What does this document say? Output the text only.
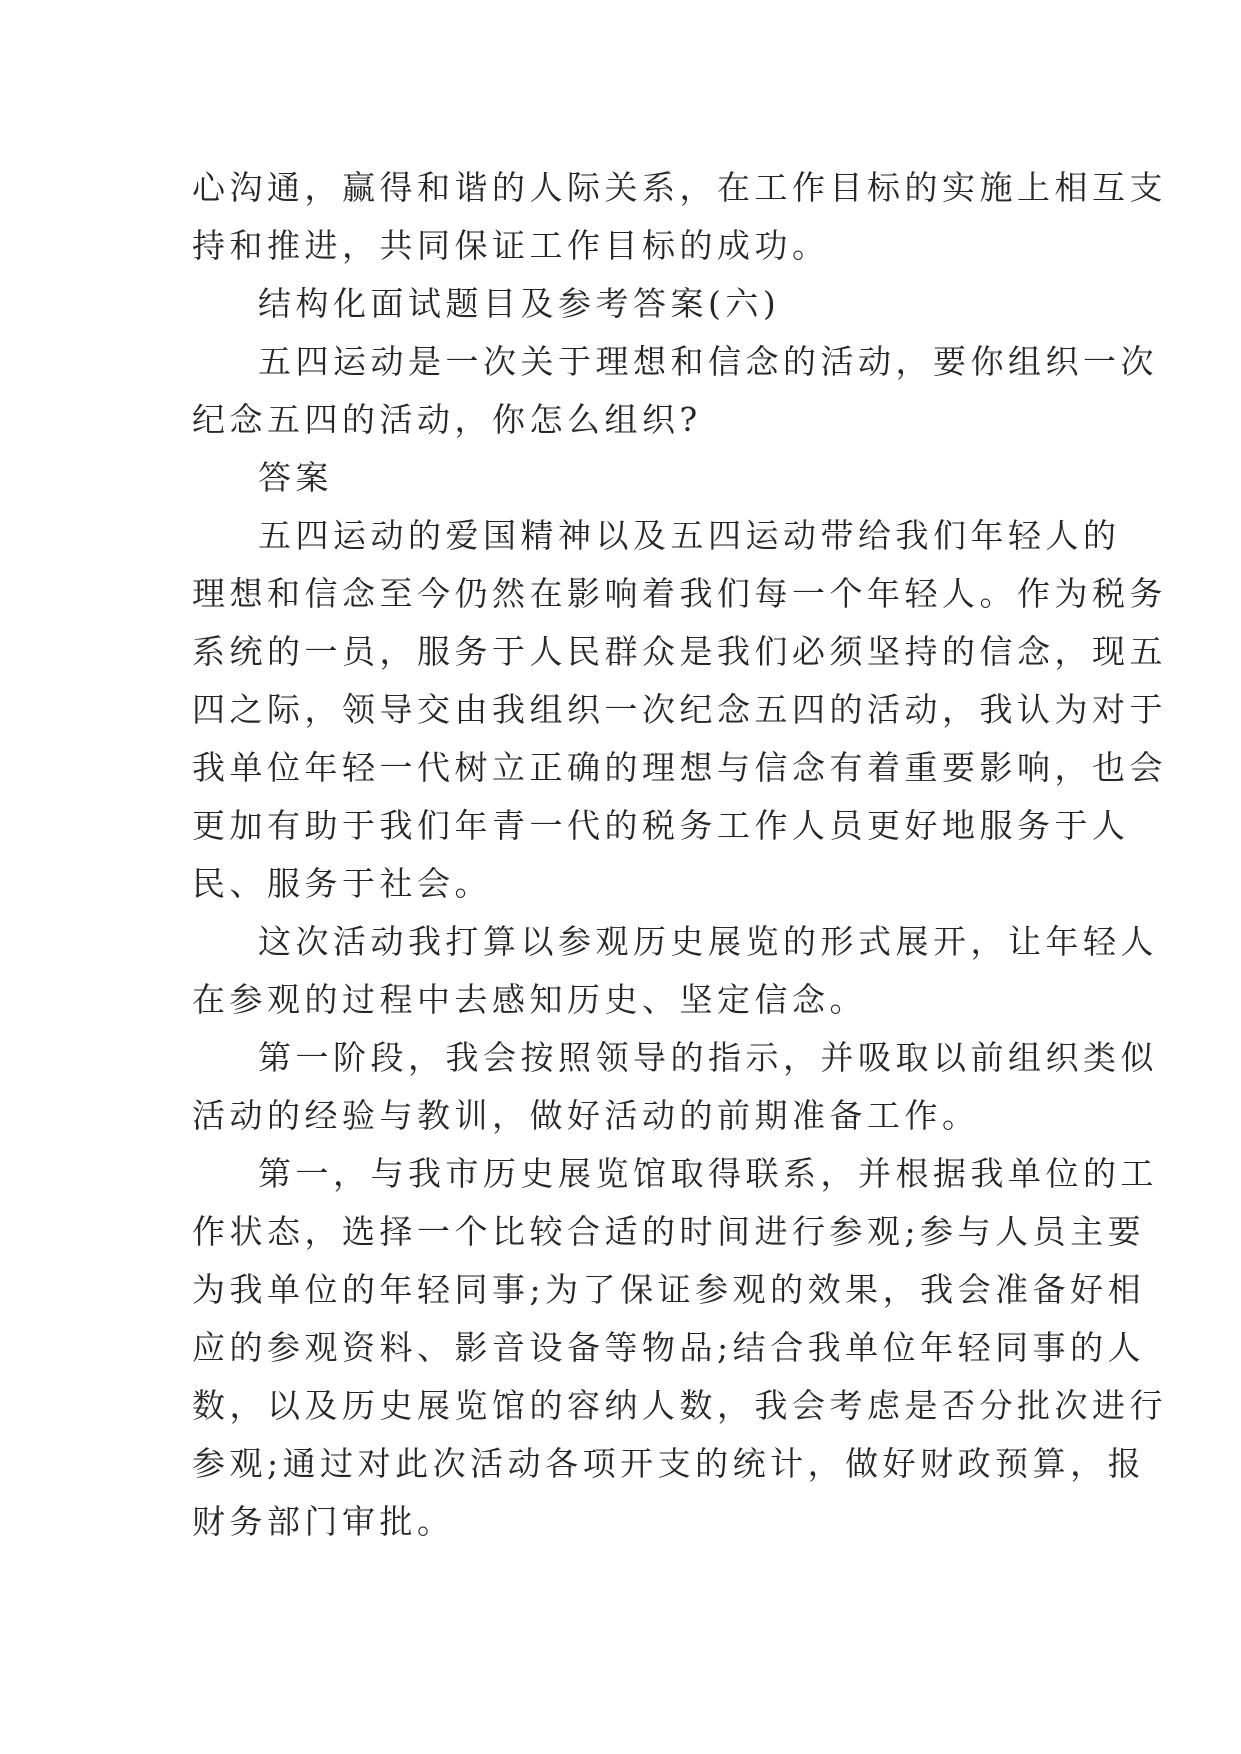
心沟通，赢得和谐的人际关系，在工作目标的实施上相互支
持和推进，共同保证工作目标的成功。

结构化面试题目及参考答案(六)

五四运动是一次关于理想和信念的活动，要你组织一次
纪念五四的活动，你怎么组织?

答案

五四运动的爱国精神以及五四运动带给我们年轻人的
理想和信念至今仍然在影响着我们每一个年轻人。作为税务
系统的一员，服务于人民群众是我们必须坚持的信念，现五
四之际，领导交由我组织一次纪念五四的活动，我认为对于
我单位年轻一代树立正确的理想与信念有着重要影响，也会
更加有助于我们年青一代的税务工作人员更好地服务于人
民、服务于社会。

这次活动我打算以参观历史展览的形式展开，让年轻人
在参观的过程中去感知历史、坚定信念。

第一阶段，我会按照领导的指示，并吸取以前组织类似
活动的经验与教训，做好活动的前期准备工作。

第一，与我市历史展览馆取得联系，并根据我单位的工
作状态，选择一个比较合适的时间进行参观;参与人员主要
为我单位的年轻同事;为了保证参观的效果，我会准备好相
应的参观资料、影音设备等物品;结合我单位年轻同事的人
数，以及历史展览馆的容纳人数，我会考虑是否分批次进行
参观;通过对此次活动各项开支的统计，做好财政预算，报
财务部门审批。
